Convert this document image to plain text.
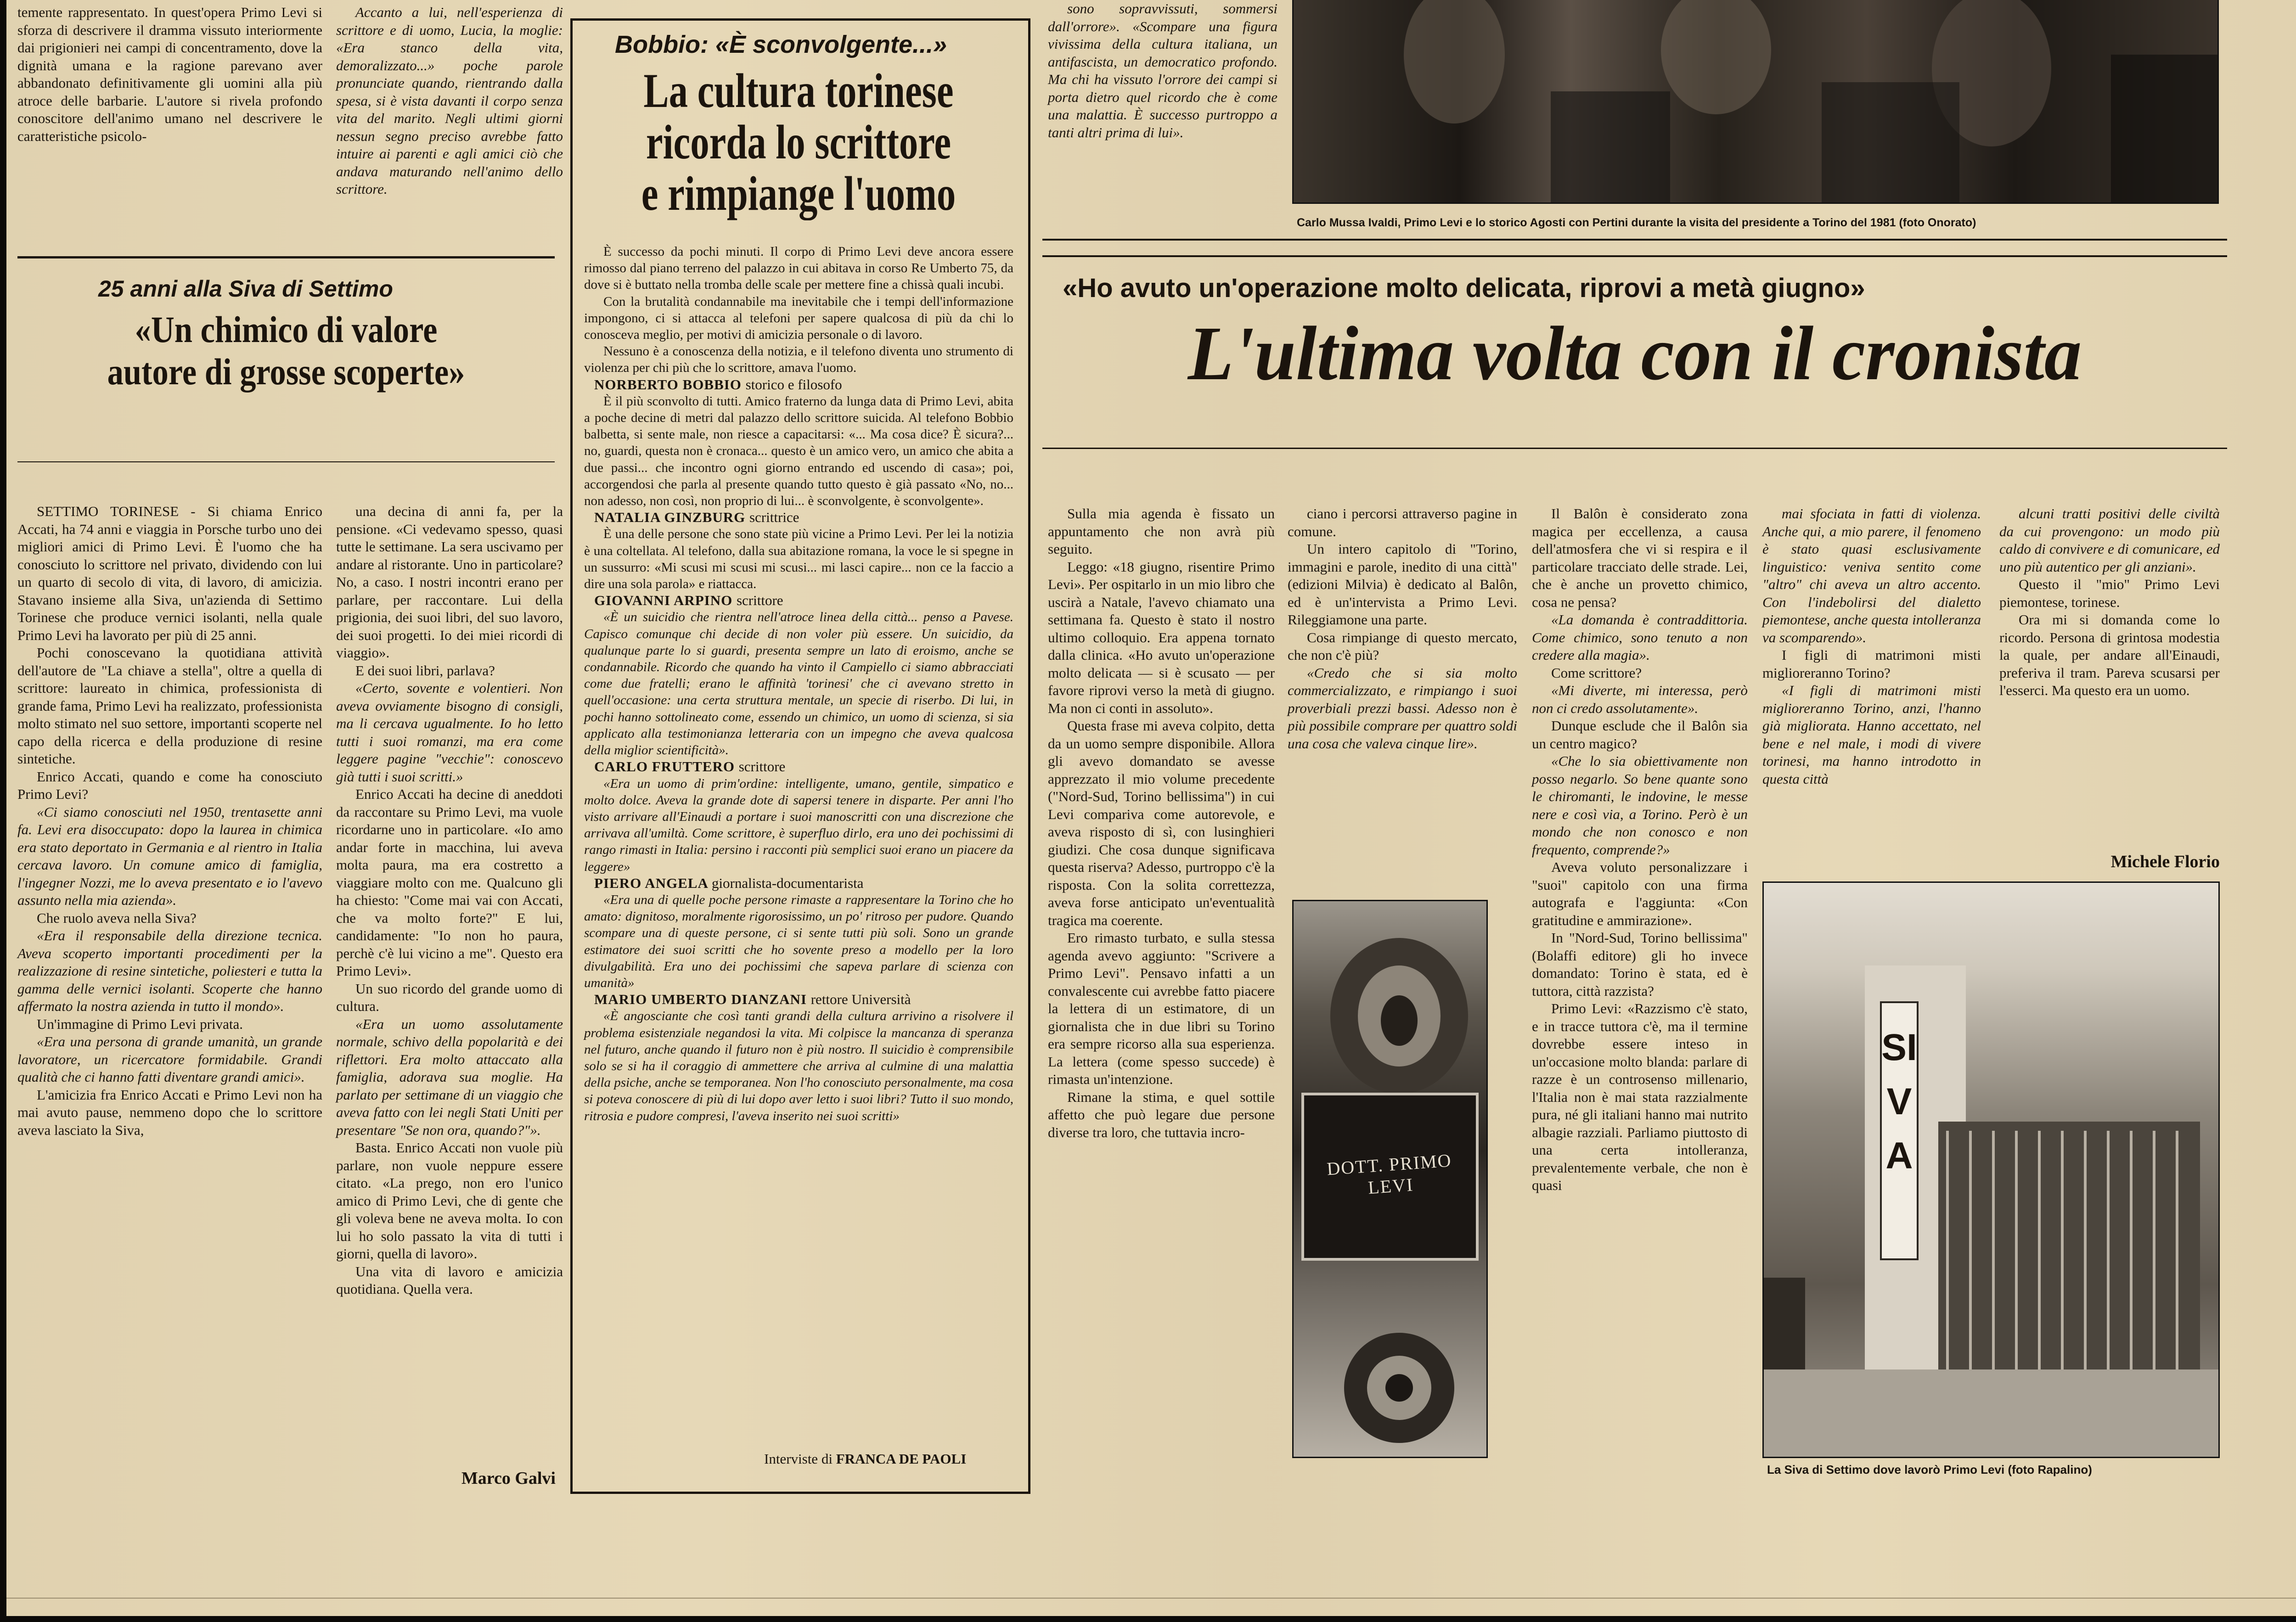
temente rappresentato. In quest'opera Primo Levi si sforza di descrivere il dramma vissuto interiormente dai prigionieri nei campi di concentramento, dove la dignità umana e la ragione parevano aver abbandonato definitivamente gli uomini alla più atroce delle barbarie. L'autore si rivela profondo conoscitore dell'animo umano nel descrivere le caratteristiche psicolo-

Accanto a lui, nell'esperienza di scrittore e di uomo, Lucia, la moglie: «Era stanco della vita, demoralizzato...» poche parole pronunciate quando, rientrando dalla spesa, si è vista davanti il corpo senza vita del marito. Negli ultimi giorni nessun segno preciso avrebbe fatto intuire ai parenti e agli amici ciò che andava maturando nell'animo dello scrittore.

25 anni alla Siva di Settimo
«Un chimico di valore
autore di grosse scoperte»

SETTIMO TORINESE - Si chiama Enrico Accati, ha 74 anni e viaggia in Porsche turbo uno dei migliori amici di Primo Levi. È l'uomo che ha conosciuto lo scrittore nel privato, dividendo con lui un quarto di secolo di vita, di lavoro, di amicizia. Stavano insieme alla Siva, un'azienda di Settimo Torinese che produce vernici isolanti, nella quale Primo Levi ha lavorato per più di 25 anni.

Pochi conoscevano la quotidiana attività dell'autore de "La chiave a stella", oltre a quella di scrittore: laureato in chimica, professionista di grande fama, Primo Levi ha realizzato, professionista molto stimato nel suo settore, importanti scoperte nel capo della ricerca e della produzione di resine sintetiche.

Enrico Accati, quando e come ha conosciuto Primo Levi?

«Ci siamo conosciuti nel 1950, trentasette anni fa. Levi era disoccupato: dopo la laurea in chimica era stato deportato in Germania e al rientro in Italia cercava lavoro. Un comune amico di famiglia, l'ingegner Nozzi, me lo aveva presentato e io l'avevo assunto nella mia azienda».

Che ruolo aveva nella Siva?

«Era il responsabile della direzione tecnica. Aveva scoperto importanti procedimenti per la realizzazione di resine sintetiche, poliesteri e tutta la gamma delle vernici isolanti. Scoperte che hanno affermato la nostra azienda in tutto il mondo».

Un'immagine di Primo Levi privata.

«Era una persona di grande umanità, un grande lavoratore, un ricercatore formidabile. Grandi qualità che ci hanno fatti diventare grandi amici».

L'amicizia fra Enrico Accati e Primo Levi non ha mai avuto pause, nemmeno dopo che lo scrittore aveva lasciato la Siva,

una decina di anni fa, per la pensione. «Ci vedevamo spesso, quasi tutte le settimane. La sera uscivamo per andare al ristorante. Uno in particolare? No, a caso. I nostri incontri erano per parlare, per raccontare. Lui della prigionia, dei suoi libri, del suo lavoro, dei suoi progetti. Io dei miei ricordi di viaggio».

E dei suoi libri, parlava?

«Certo, sovente e volentieri. Non aveva ovviamente bisogno di consigli, ma li cercava ugualmente. Io ho letto tutti i suoi romanzi, ma era come leggere pagine "vecchie": conoscevo già tutti i suoi scritti.»

Enrico Accati ha decine di aneddoti da raccontare su Primo Levi, ma vuole ricordarne uno in particolare. «Io amo andar forte in macchina, lui aveva molta paura, ma era costretto a viaggiare molto con me. Qualcuno gli ha chiesto: "Come mai vai con Accati, che va molto forte?" E lui, candidamente: "Io non ho paura, perchè c'è lui vicino a me". Questo era Primo Levi».

Un suo ricordo del grande uomo di cultura.

«Era un uomo assolutamente normale, schivo della popolarità e dei riflettori. Era molto attaccato alla famiglia, adorava sua moglie. Ha parlato per settimane di un viaggio che aveva fatto con lei negli Stati Uniti per presentare "Se non ora, quando?"».

Basta. Enrico Accati non vuole più parlare, non vuole neppure essere citato. «La prego, non ero l'unico amico di Primo Levi, che di gente che gli voleva bene ne aveva molta. Io con lui ho solo passato la vita di tutti i giorni, quella di lavoro».

Una vita di lavoro e amicizia quotidiana. Quella vera.

Marco Galvi
Bobbio: «È sconvolgente...»
La cultura torinese
ricorda lo scrittore
e rimpiange l'uomo

È successo da pochi minuti. Il corpo di Primo Levi deve ancora essere rimosso dal piano terreno del palazzo in cui abitava in corso Re Umberto 75, da dove si è buttato nella tromba delle scale per mettere fine a chissà quali incubi.

Con la brutalità condannabile ma inevitabile che i tempi dell'informazione impongono, ci si attacca al telefoni per sapere qualcosa di più da chi lo conosceva meglio, per motivi di amicizia personale o di lavoro.

Nessuno è a conoscenza della notizia, e il telefono diventa uno strumento di violenza per chi più che lo scrittore, amava l'uomo.

NORBERTO BOBBIO storico e filosofo

È il più sconvolto di tutti. Amico fraterno da lunga data di Primo Levi, abita a poche decine di metri dal palazzo dello scrittore suicida. Al telefono Bobbio balbetta, si sente male, non riesce a capacitarsi: «... Ma cosa dice? È sicura?... no, guardi, questa non è cronaca... questo è un amico vero, un amico che abita a due passi... che incontro ogni giorno entrando ed uscendo di casa»; poi, accorgendosi che parla al presente quando tutto questo è già passato «No, no... non adesso, non così, non proprio di lui... è sconvolgente, è sconvolgente».

NATALIA GINZBURG scrittrice

È una delle persone che sono state più vicine a Primo Levi. Per lei la notizia è una coltellata. Al telefono, dalla sua abitazione romana, la voce le si spegne in un sussurro: «Mi scusi mi scusi mi scusi... mi lasci capire... non ce la faccio a dire una sola parola» e riattacca.

GIOVANNI ARPINO scrittore

«È un suicidio che rientra nell'atroce linea della città... penso a Pavese. Capisco comunque chi decide di non voler più essere. Un suicidio, da qualunque parte lo si guardi, presenta sempre un lato di eroismo, anche se condannabile. Ricordo che quando ha vinto il Campiello ci siamo abbracciati come due fratelli; erano le affinità 'torinesi' che ci avevano stretto in quell'occasione: una certa struttura mentale, un specie di riserbo. Di lui, in pochi hanno sottolineato come, essendo un chimico, un uomo di scienza, si sia applicato alla testimonianza letteraria con un impegno che aveva qualcosa della miglior scientificità».

CARLO FRUTTERO scrittore

«Era un uomo di prim'ordine: intelligente, umano, gentile, simpatico e molto dolce. Aveva la grande dote di sapersi tenere in disparte. Per anni l'ho visto arrivare all'Einaudi a portare i suoi manoscritti con una discrezione che arrivava all'umiltà. Come scrittore, è superfluo dirlo, era uno dei pochissimi di rango rimasti in Italia: persino i racconti più semplici suoi erano un piacere da leggere»

PIERO ANGELA giornalista-documentarista

«Era una di quelle poche persone rimaste a rappresentare la Torino che ho amato: dignitoso, moralmente rigorosissimo, un po' ritroso per pudore. Quando scompare una di queste persone, ci si sente tutti più soli. Sono un grande estimatore dei suoi scritti che ho sovente preso a modello per la loro divulgabilità. Era uno dei pochissimi che sapeva parlare di scienza con umanità»

MARIO UMBERTO DIANZANI rettore Università

«È angosciante che così tanti grandi della cultura arrivino a risolvere il problema esistenziale negandosi la vita. Mi colpisce la mancanza di speranza nel futuro, anche quando il futuro non è più nostro. Il suicidio è comprensibile solo se si ha il coraggio di ammettere che arriva al culmine di una malattia della psiche, anche se temporanea. Non l'ho conosciuto personalmente, ma cosa si poteva conoscere di più di lui dopo aver letto i suoi libri? Tutto il suo mondo, ritrosia e pudore compresi, l'aveva inserito nei suoi scritti»

Interviste di FRANCA DE PAOLI

sono sopravvissuti, sommersi dall'orrore». «Scompare una figura vivissima della cultura italiana, un antifascista, un democratico profondo. Ma chi ha vissuto l'orrore dei campi si porta dietro quel ricordo che è come una malattia. È successo purtroppo a tanti altri prima di lui».

Carlo Mussa Ivaldi, Primo Levi e lo storico Agosti con Pertini durante la visita del presidente a Torino del 1981 (foto Onorato)
«Ho avuto un'operazione molto delicata, riprovi a metà giugno»
L'ultima volta con il cronista

Sulla mia agenda è fissato un appuntamento che non avrà più seguito.

Leggo: «18 giugno, risentire Primo Levi». Per ospitarlo in un mio libro che uscirà a Natale, l'avevo chiamato una settimana fa. Questo è stato il nostro ultimo colloquio. Era appena tornato dalla clinica. «Ho avuto un'operazione molto delicata — si è scusato — per favore riprovi verso la metà di giugno. Ma non ci conti in assoluto».

Questa frase mi aveva colpito, detta da un uomo sempre disponibile. Allora gli avevo domandato se avesse apprezzato il mio volume precedente ("Nord-Sud, Torino bellissima") in cui Levi compariva come autorevole, e aveva risposto di sì, con lusinghieri giudizi. Che cosa dunque significava questa riserva? Adesso, purtroppo c'è la risposta. Con la solita correttezza, aveva forse anticipato un'eventualità tragica ma coerente.

Ero rimasto turbato, e sulla stessa agenda avevo aggiunto: "Scrivere a Primo Levi". Pensavo infatti a un convalescente cui avrebbe fatto piacere la lettera di un estimatore, di un giornalista che in due libri su Torino era sempre ricorso alla sua esperienza. La lettera (come spesso succede) è rimasta un'intenzione.

Rimane la stima, e quel sottile affetto che può legare due persone diverse tra loro, che tuttavia incro-

ciano i percorsi attraverso pagine in comune.

Un intero capitolo di "Torino, immagini e parole, inedito di una città" (edizioni Milvia) è dedicato al Balôn, ed è un'intervista a Primo Levi. Rileggiamone una parte.

Cosa rimpiange di questo mercato, che non c'è più?

«Credo che si sia molto commercializzato, e rimpiango i suoi proverbiali prezzi bassi. Adesso non è più possibile comprare per quattro soldi una cosa che valeva cinque lire».

Il Balôn è considerato zona magica per eccellenza, a causa dell'atmosfera che vi si respira e il particolare tracciato delle strade. Lei, che è anche un provetto chimico, cosa ne pensa?

«La domanda è contraddittoria. Come chimico, sono tenuto a non credere alla magia».

Come scrittore?

«Mi diverte, mi interessa, però non ci credo assolutamente».

Dunque esclude che il Balôn sia un centro magico?

«Che lo sia obiettivamente non posso negarlo. So bene quante sono le chiromanti, le indovine, le messe nere e così via, a Torino. Però è un mondo che non conosco e non frequento, comprende?»

Aveva voluto personalizzare i "suoi" capitolo con una firma autografa e l'aggiunta: «Con gratitudine e ammirazione».

In "Nord-Sud, Torino bellissima" (Bolaffi editore) gli ho invece domandato: Torino è stata, ed è tuttora, città razzista?

Primo Levi: «Razzismo c'è stato, e in tracce tuttora c'è, ma il termine dovrebbe essere inteso in un'occasione molto blanda: parlare di razze è un controsenso millenario, l'Italia non è mai stata razzialmente pura, né gli italiani hanno mai nutrito albagie razziali. Parliamo piuttosto di una certa intolleranza, prevalentemente verbale, che non è quasi

mai sfociata in fatti di violenza. Anche qui, a mio parere, il fenomeno è stato quasi esclusivamente linguistico: veniva sentito come "altro" chi aveva un altro accento. Con l'indebolirsi del dialetto piemontese, anche questa intolleranza va scomparendo».

I figli di matrimoni misti miglioreranno Torino?

«I figli di matrimoni misti miglioreranno Torino, anzi, l'hanno già migliorata. Hanno accettato, nel bene e nel male, i modi di vivere torinesi, ma hanno introdotto in questa città

alcuni tratti positivi delle civiltà da cui provengono: un modo più caldo di convivere e di comunicare, ed uno più autentico per gli anziani».

Questo il "mio" Primo Levi piemontese, torinese.

Ora mi si domanda come lo ricordo. Persona di grintosa modestia la quale, per andare all'Einaudi, preferiva il tram. Pareva scusarsi per l'esserci. Ma questo era un uomo.

Michele Florio
DOTT. PRIMO LEVI
SIVA
La Siva di Settimo dove lavorò Primo Levi (foto Rapalino)
